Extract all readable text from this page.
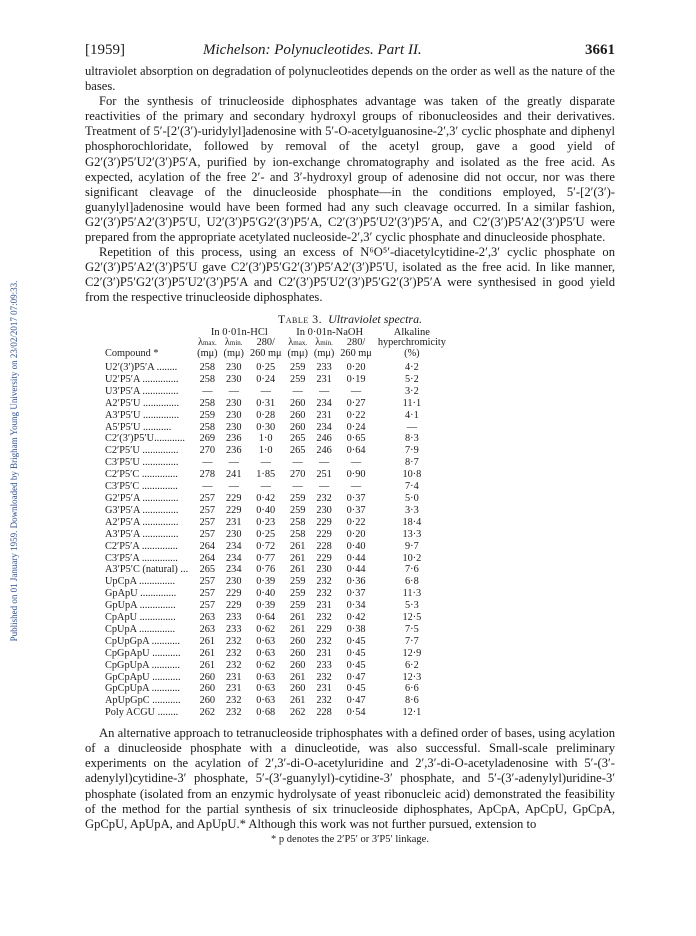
Published on 01 January 1959. Downloaded by Brigham Young University on 23/02/2017 07:09:33.
[1959]	Michelson: Polynucleotides. Part II.	3661

ultraviolet absorption on degradation of polynucleotides depends on the order as well as the nature of the bases.

For the synthesis of trinucleoside diphosphates advantage was taken of the greatly disparate reactivities of the primary and secondary hydroxyl groups of ribonucleosides and their derivatives. Treatment of 5′-[2′(3′)-uridylyl]adenosine with 5′-O-acetylguanosine-2′,3′ cyclic phosphate and diphenyl phosphorochloridate, followed by removal of the acetyl group, gave a good yield of G2′(3′)P5′U2′(3′)P5′A, purified by ion-exchange chromatography and isolated as the free acid. As expected, acylation of the free 2′- and 3′-hydroxyl group of adenosine did not occur, nor was there significant cleavage of the dinucleoside phosphate—in the conditions employed, 5′-[2′(3′)-guanylyl]adenosine would have been formed had any such cleavage occurred. In a similar fashion, G2′(3′)P5′A2′(3′)P5′U, U2′(3′)P5′G2′(3′)P5′A, C2′(3′)P5′U2′(3′)P5′A, and C2′(3′)P5′A2′(3′)P5′U were prepared from the appropriate acetylated nucleoside-2′,3′ cyclic phosphate and dinucleoside phosphate.

Repetition of this process, using an excess of N⁶O⁵′-diacetylcytidine-2′,3′ cyclic phosphate on G2′(3′)P5′A2′(3′)P5′U gave C2′(3′)P5′G2′(3′)P5′A2′(3′)P5′U, isolated as the free acid. In like manner, C2′(3′)P5′G2′(3′)P5′U2′(3′)P5′A and C2′(3′)P5′U2′(3′)P5′G2′(3′)P5′A were synthesised in good yield from the respective trinucleoside diphosphates.

Table 3. Ultraviolet spectra.
	In 0·01n-HCl			In 0·01n-NaOH			Alkaline
	λmax.	λmin.	280/	λmax.	λmin.	280/	hyperchromicity
Compound *	(mμ)	(mμ)	260 mμ	(mμ)	(mμ)	260 mμ	(%)

U2′(3′)P5′A ........	258	230	0·25	259	233	0·20	4·2
U2′P5′A ..............	258	230	0·24	259	231	0·19	5·2
U3′P5′A ..............	—	—	—	—	—	—	3·2
A2′P5′U ..............	258	230	0·31	260	234	0·27	11·1
A3′P5′U ..............	259	230	0·28	260	231	0·22	4·1
A5′P5′U ...........	258	230	0·30	260	234	0·24	—
C2′(3′)P5′U............	269	236	1·0	265	246	0·65	8·3
C2′P5′U ..............	270	236	1·0	265	246	0·64	7·9
C3′P5′U ..............	—	—	—	—	—	—	8·7
C2′P5′C ..............	278	241	1·85	270	251	0·90	10·8
C3′P5′C ..............	—	—	—	—	—	—	7·4
G2′P5′A ..............	257	229	0·42	259	232	0·37	5·0
G3′P5′A ..............	257	229	0·40	259	230	0·37	3·3
A2′P5′A ..............	257	231	0·23	258	229	0·22	18·4
A3′P5′A ..............	257	230	0·25	258	229	0·20	13·3
C2′P5′A ..............	264	234	0·72	261	228	0·40	9·7
C3′P5′A ..............	264	234	0·77	261	229	0·44	10·2
A3′P5′C (natural) ...	265	234	0·76	261	230	0·44	7·6
UpCpA ..............	257	230	0·39	259	232	0·36	6·8
GpApU ..............	257	229	0·40	259	232	0·37	11·3
GpUpA ..............	257	229	0·39	259	231	0·34	5·3
CpApU ..............	263	233	0·64	261	232	0·42	12·5
CpUpA ..............	263	233	0·62	261	229	0·38	7·5
CpUpGpA ...........	261	232	0·63	260	232	0·45	7·7
CpGpApU ...........	261	232	0·63	260	231	0·45	12·9
CpGpUpA ...........	261	232	0·62	260	233	0·45	6·2
GpCpApU ...........	260	231	0·63	261	232	0·47	12·3
GpCpUpA ...........	260	231	0·63	260	231	0·45	6·6
ApUpGpC ...........	260	232	0·63	261	232	0·47	8·6
Poly ACGU ........	262	232	0·68	262	228	0·54	12·1

An alternative approach to tetranucleoside triphosphates with a defined order of bases, using acylation of a dinucleoside phosphate with a dinucleotide, was also successful. Small-scale preliminary experiments on the acylation of 2′,3′-di-O-acetyluridine and 2′,3′-di-O-acetyladenosine with 5′-(3′-adenylyl)cytidine-3′ phosphate, 5′-(3′-guanylyl)-cytidine-3′ phosphate, and 5′-(3′-adenylyl)uridine-3′ phosphate (isolated from an enzymic hydrolysate of yeast ribonucleic acid) demonstrated the feasibility of the method for the partial synthesis of six trinucleoside diphosphates, ApCpA, ApCpU, GpCpA, GpCpU, ApUpA, and ApUpU.* Although this work was not further pursued, extension to

* p denotes the 2′P5′ or 3′P5′ linkage.
